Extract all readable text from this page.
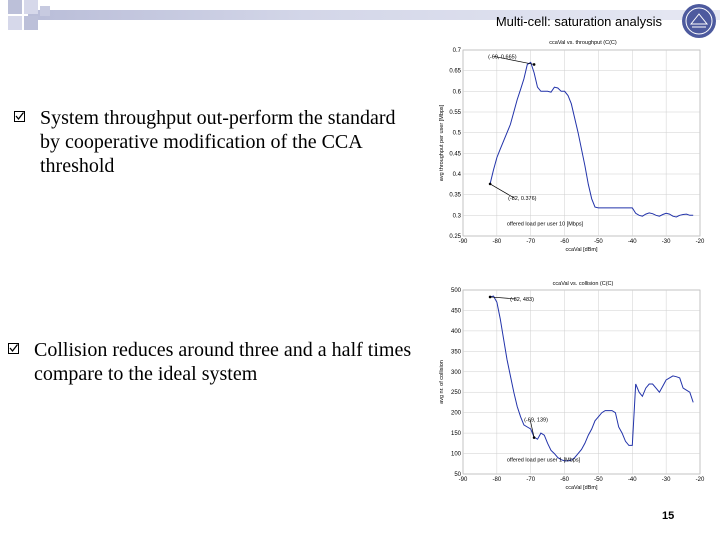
Multi-cell: saturation analysis
System throughput out-perform the standard by cooperative modification of the CCA threshold
Collision reduces around three and a half times compare to the ideal system
-90	-80	-70	-60	-50	-40	-30	-20
0.25
0.3
0.35
0.4
0.45
0.5
0.55
0.6
0.65
0.7
ccaVal vs. throughput (C(C)
ccaVal [dBm]
avg throughput per user [Mbps]
(-69, 0.665)
(-82, 0.376)
offered load per user 10 [Mbps]
-90	-80	-70	-60	-50	-40	-30	-20
50
100
150
200
250
300
350
400
450
500
ccaVal vs. collision (C(C)
ccaVal [dBm]
avg nr. of collision
(-82, 483)
(-69, 139)
offered load per user 1 [Mbps]
15
